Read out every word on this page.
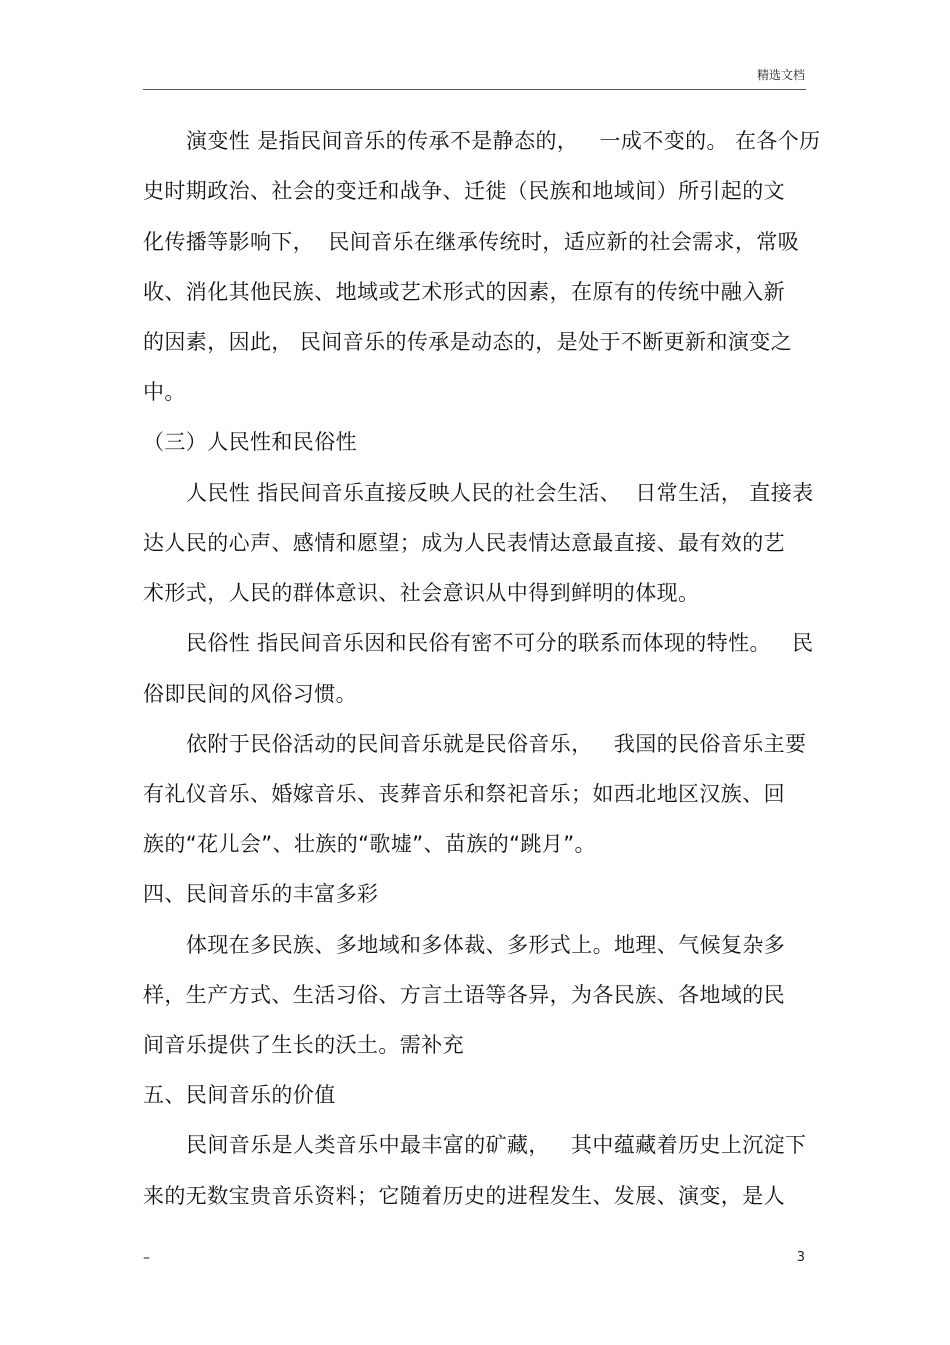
精选文档
演变性 是指民间音乐的传承不是静态的，   一成不变的。 在各个历
史时期政治、社会的变迁和战争、迁徙（民族和地域间）所引起的文
化传播等影响下，  民间音乐在继承传统时，适应新的社会需求，常吸
收、消化其他民族、地域或艺术形式的因素，在原有的传统中融入新
的因素，因此， 民间音乐的传承是动态的，是处于不断更新和演变之
中。
（三）人民性和民俗性
人民性 指民间音乐直接反映人民的社会生活、  日常生活， 直接表
达人民的心声、感情和愿望；成为人民表情达意最直接、最有效的艺
术形式，人民的群体意识、社会意识从中得到鲜明的体现。
民俗性 指民间音乐因和民俗有密不可分的联系而体现的特性。   民
俗即民间的风俗习惯。
依附于民俗活动的民间音乐就是民俗音乐，   我国的民俗音乐主要
有礼仪音乐、婚嫁音乐、丧葬音乐和祭祀音乐；如西北地区汉族、回
族的“花儿会”、壮族的“歌墟”、苗族的“跳月”。
四、民间音乐的丰富多彩
体现在多民族、多地域和多体裁、多形式上。地理、气候复杂多
样，生产方式、生活习俗、方言土语等各异，为各民族、各地域的民
间音乐提供了生长的沃土。需补充
五、民间音乐的价值
民间音乐是人类音乐中最丰富的矿藏，   其中蕴藏着历史上沉淀下
来的无数宝贵音乐资料；它随着历史的进程发生、发展、演变，是人
–	3
